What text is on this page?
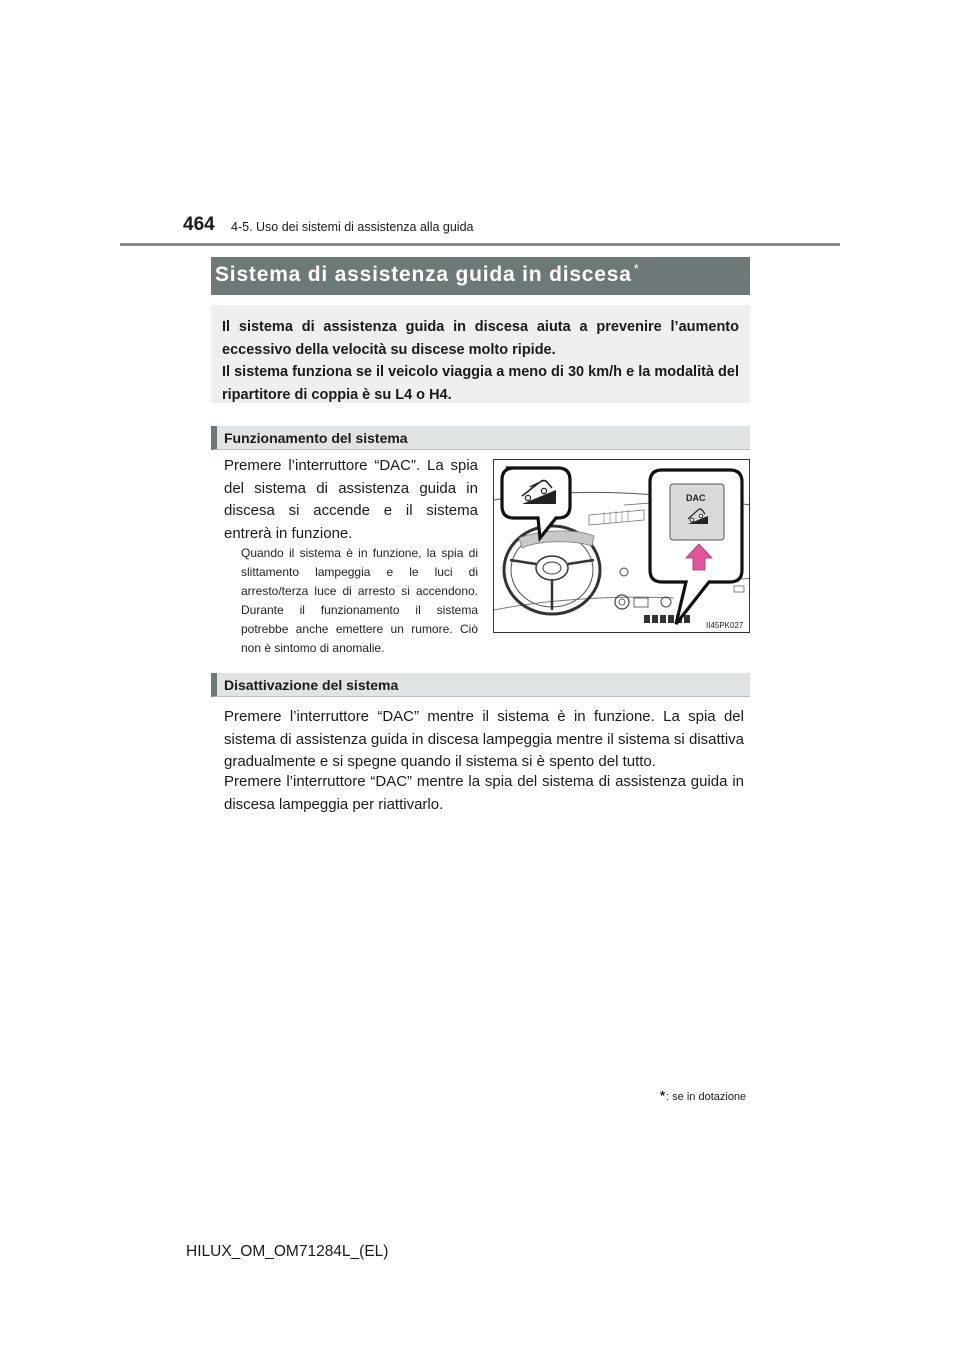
464 4-5. Uso dei sistemi di assistenza alla guida
Sistema di assistenza guida in discesa *

Il sistema di assistenza guida in discesa aiuta a prevenire l’aumento eccessivo della velocità su discese molto ripide.

Il sistema funziona se il veicolo viaggia a meno di 30 km/h e la modalità del ripartitore di coppia è su L4 o H4.

Funzionamento del sistema

Premere l’interruttore “DAC”. La spia del sistema di assistenza guida in discesa si accende e il sistema entrerà in funzione.

Quando il sistema è in funzione, la spia di slittamento lampeggia e le luci di arresto/terza luce di arresto si accendono. Durante il funzionamento il sistema potrebbe anche emettere un rumore. Ciò non è sintomo di anomalie.

DAC
II45PK027
Disattivazione del sistema

Premere l’interruttore “DAC” mentre il sistema è in funzione. La spia del sistema di assistenza guida in discesa lampeggia mentre il sistema si disattiva gradualmente e si spegne quando il sistema si è spento del tutto.

Premere l’interruttore “DAC” mentre la spia del sistema di assistenza guida in discesa lampeggia per riattivarlo.

*: se in dotazione
HILUX_OM_OM71284L_(EL)
